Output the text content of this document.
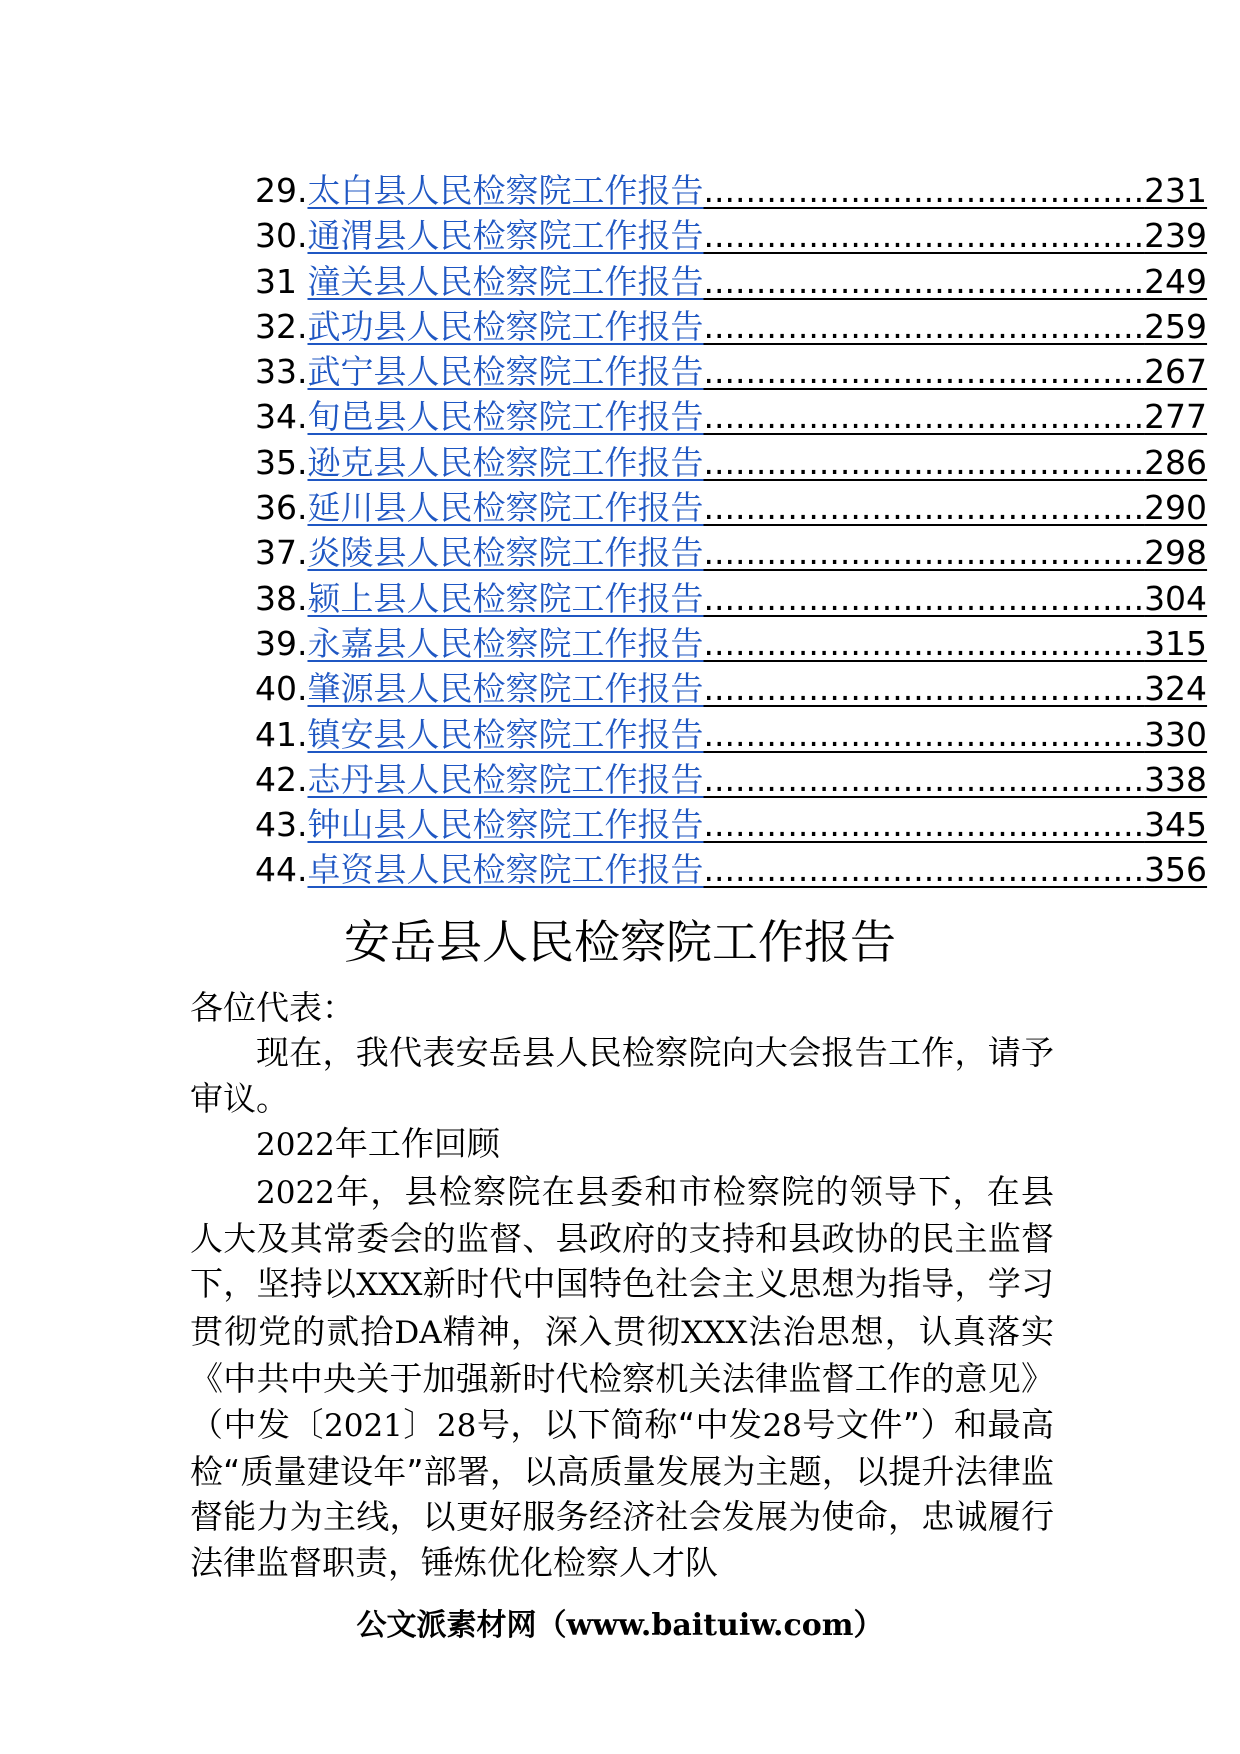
29. 太白县人民检察院工作报告 .......................................... 231
30. 通渭县人民检察院工作报告 .......................................... 239
31 潼关县人民检察院工作报告 .......................................... 249
32. 武功县人民检察院工作报告 .......................................... 259
33. 武宁县人民检察院工作报告 .......................................... 267
34. 旬邑县人民检察院工作报告 .......................................... 277
35. 逊克县人民检察院工作报告 .......................................... 286
36. 延川县人民检察院工作报告 .......................................... 290
37. 炎陵县人民检察院工作报告 .......................................... 298
38. 颍上县人民检察院工作报告 .......................................... 304
39. 永嘉县人民检察院工作报告 .......................................... 315
40. 肇源县人民检察院工作报告 .......................................... 324
41. 镇安县人民检察院工作报告 .......................................... 330
42. 志丹县人民检察院工作报告 .......................................... 338
43. 钟山县人民检察院工作报告 .......................................... 345
44. 卓资县人民检察院工作报告 .......................................... 356
安岳县人民检察院工作报告

各位代表：

现在，我代表安岳县人民检察院向大会报告工作，请予审议。

2022年工作回顾

2022年，县检察院在县委和市检察院的领导下，在县人大及其常委会的监督、县政府的支持和县政协的民主监督下，坚持以XXX新时代中国特色社会主义思想为指导，学习贯彻党的贰拾DA精神，深入贯彻XXX法治思想，认真落实《中共中央关于加强新时代检察机关法律监督工作的意见》（中发〔2021〕28号，以下简称“中发28号文件”）和最高检“质量建设年”部署，以高质量发展为主题，以提升法律监督能力为主线，以更好服务经济社会发展为使命，忠诚履行法律监督职责，锤炼优化检察人才队

公文派素材网（www.baituiw.com）
